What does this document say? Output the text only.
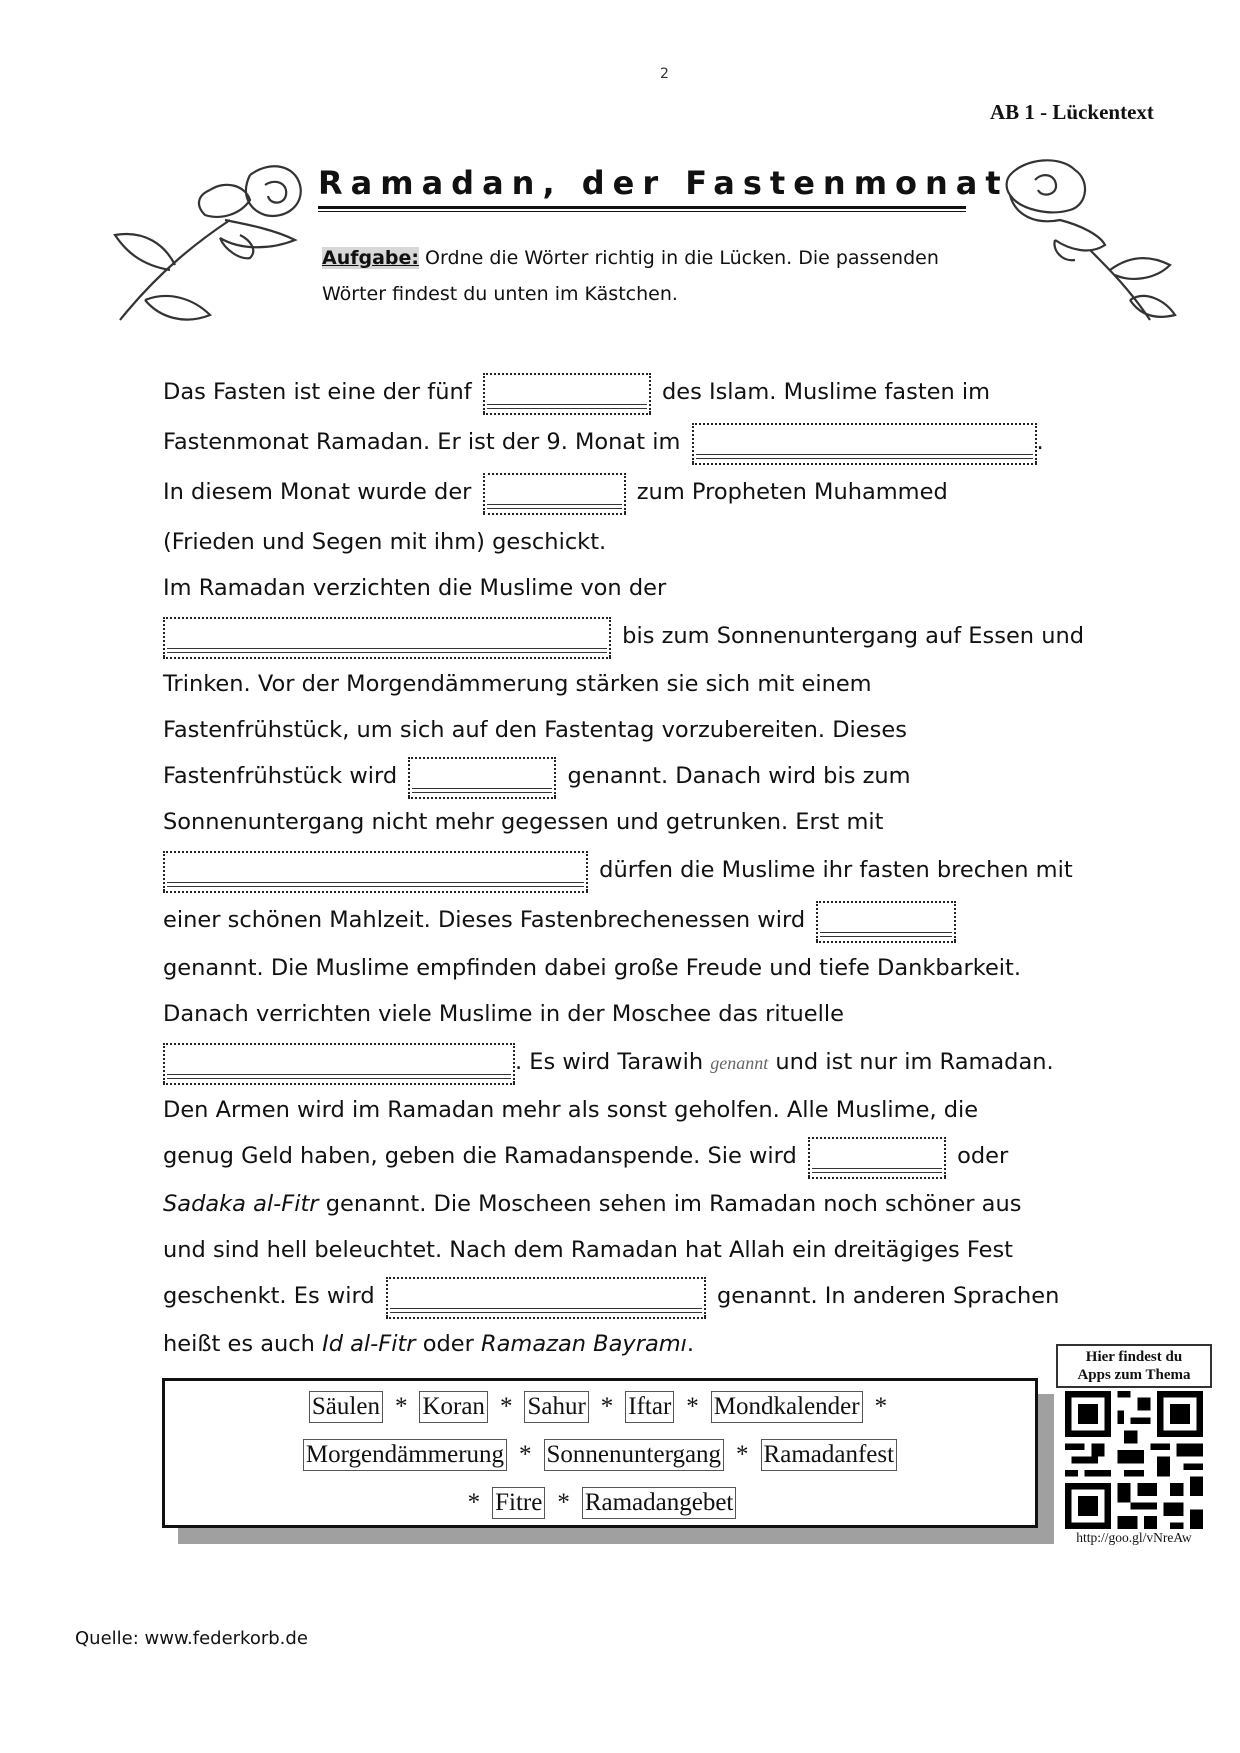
2
AB 1 - Lückentext
Ramadan, der Fastenmonat
Aufgabe: Ordne die Wörter richtig in die Lücken. Die passenden Wörter findest du unten im Kästchen.
Das Fasten ist eine der fünf	des Islam. Muslime fasten im
Fastenmonat Ramadan. Er ist der 9. Monat im	.
In diesem Monat wurde der	zum Propheten Muhammed
(Frieden und Segen mit ihm) geschickt.
Im Ramadan verzichten die Muslime von der
bis zum Sonnenuntergang auf Essen und
Trinken. Vor der Morgendämmerung stärken sie sich mit einem
Fastenfrühstück, um sich auf den Fastentag vorzubereiten. Dieses
Fastenfrühstück wird	genannt. Danach wird bis zum
Sonnenuntergang nicht mehr gegessen und getrunken. Erst mit
dürfen die Muslime ihr fasten brechen mit
einer schönen Mahlzeit. Dieses Fastenbrechenessen wird
genannt. Die Muslime empfinden dabei große Freude und tiefe Dankbarkeit.
Danach verrichten viele Muslime in der Moschee das rituelle
. Es wird Tarawih genannt und ist nur im Ramadan.
Den Armen wird im Ramadan mehr als sonst geholfen. Alle Muslime, die
genug Geld haben, geben die Ramadanspende. Sie wird	oder
Sadaka al-Fitr genannt. Die Moscheen sehen im Ramadan noch schöner aus
und sind hell beleuchtet. Nach dem Ramadan hat Allah ein dreitägiges Fest
geschenkt. Es wird	genannt. In anderen Sprachen
heißt es auch Id al-Fitr oder Ramazan Bayramı.
Säulen * Koran * Sahur * Iftar * Mondkalender *
Morgendämmerung * Sonnenuntergang * Ramadanfest
* Fitre * Ramadangebet
Hier findest du
Apps zum Thema
http://goo.gl/vNreAw
Quelle: www.federkorb.de
